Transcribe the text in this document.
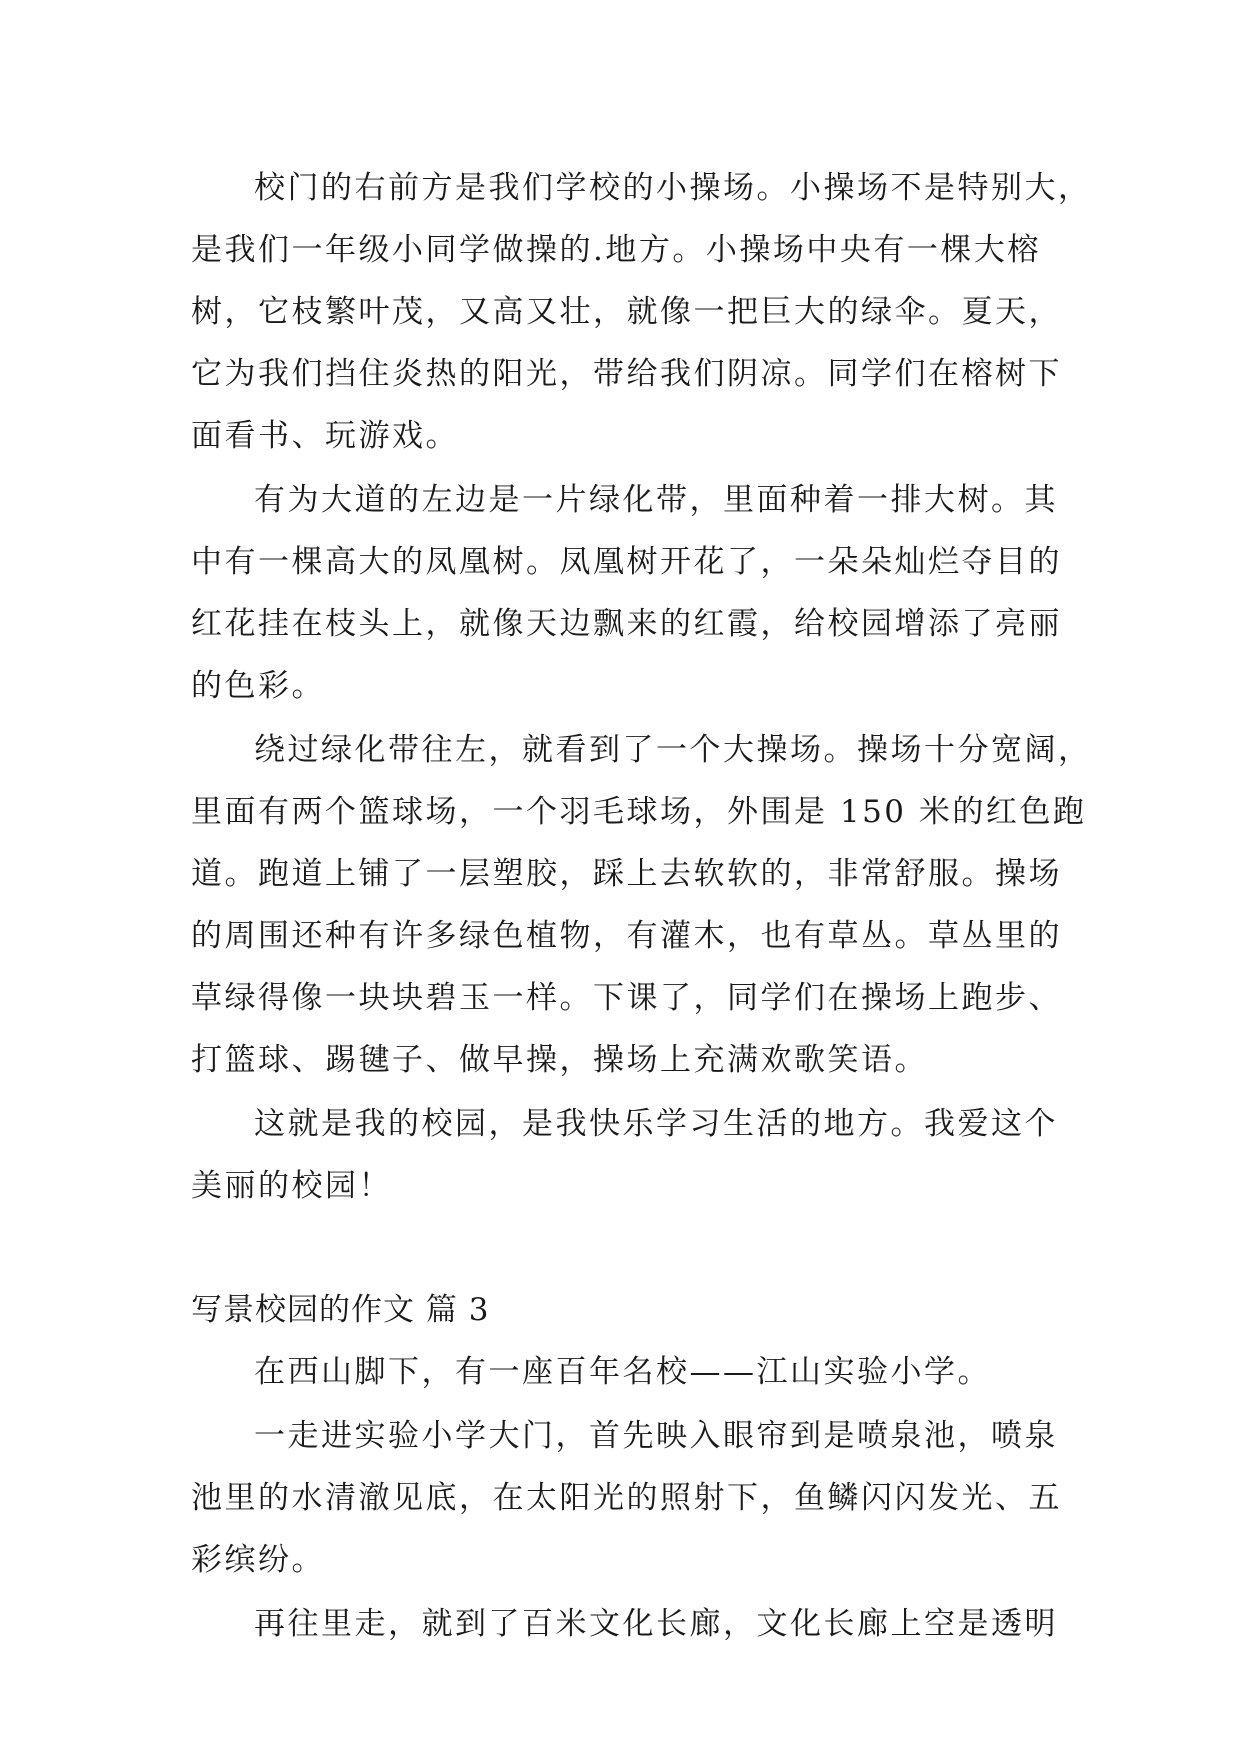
校门的右前方是我们学校的小操场。小操场不是特别大，
是我们一年级小同学做操的.地方。小操场中央有一棵大榕
树，它枝繁叶茂，又高又壮，就像一把巨大的绿伞。夏天，
它为我们挡住炎热的阳光，带给我们阴凉。同学们在榕树下
面看书、玩游戏。
有为大道的左边是一片绿化带，里面种着一排大树。其
中有一棵高大的凤凰树。凤凰树开花了，一朵朵灿烂夺目的
红花挂在枝头上，就像天边飘来的红霞，给校园增添了亮丽
的色彩。
绕过绿化带往左，就看到了一个大操场。操场十分宽阔，
里面有两个篮球场，一个羽毛球场，外围是 150 米的红色跑
道。跑道上铺了一层塑胶，踩上去软软的，非常舒服。操场
的周围还种有许多绿色植物，有灌木，也有草丛。草丛里的
草绿得像一块块碧玉一样。下课了，同学们在操场上跑步、
打篮球、踢毽子、做早操，操场上充满欢歌笑语。
这就是我的校园，是我快乐学习生活的地方。我爱这个
美丽的校园！
写景校园的作文 篇 3
在西山脚下，有一座百年名校——江山实验小学。
一走进实验小学大门，首先映入眼帘到是喷泉池，喷泉
池里的水清澈见底，在太阳光的照射下，鱼鳞闪闪发光、五
彩缤纷。
再往里走，就到了百米文化长廊，文化长廊上空是透明
